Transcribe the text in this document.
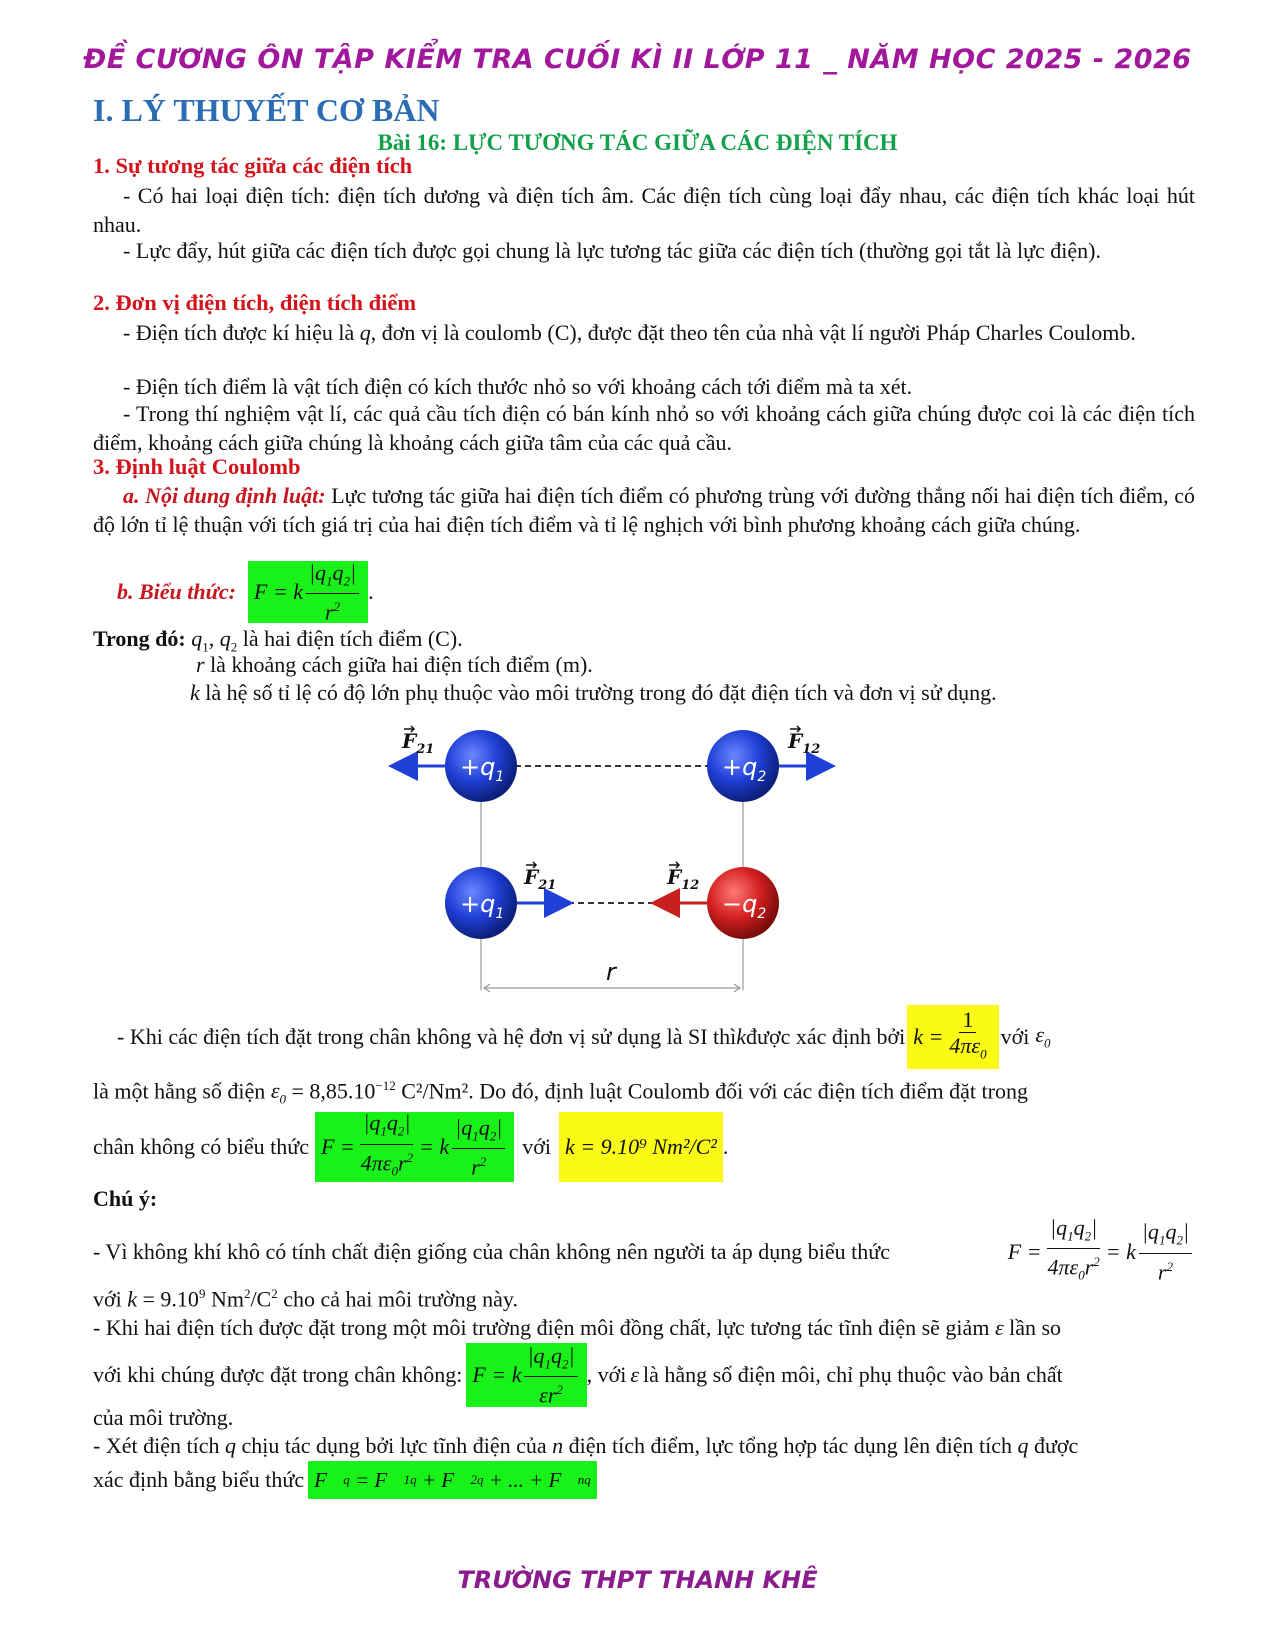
ĐỀ CƯƠNG ÔN TẬP KIỂM TRA CUỐI KÌ II LỚP 11 _ NĂM HỌC 2025 - 2026
I. LÝ THUYẾT CƠ BẢN
Bài 16: LỰC TƯƠNG TÁC GIỮA CÁC ĐIỆN TÍCH
1. Sự tương tác giữa các điện tích
- Có hai loại điện tích: điện tích dương và điện tích âm. Các điện tích cùng loại đẩy nhau, các điện tích khác loại hút nhau.
- Lực đẩy, hút giữa các điện tích được gọi chung là lực tương tác giữa các điện tích (thường gọi tắt là lực điện).
2. Đơn vị điện tích, điện tích điểm
- Điện tích được kí hiệu là q, đơn vị là coulomb (C), được đặt theo tên của nhà vật lí người Pháp Charles Coulomb.
- Điện tích điểm là vật tích điện có kích thước nhỏ so với khoảng cách tới điểm mà ta xét.
- Trong thí nghiệm vật lí, các quả cầu tích điện có bán kính nhỏ so với khoảng cách giữa chúng được coi là các điện tích điểm, khoảng cách giữa chúng là khoảng cách giữa tâm của các quả cầu.
3. Định luật Coulomb
a. Nội dung định luật: Lực tương tác giữa hai điện tích điểm có phương trùng với đường thẳng nối hai điện tích điểm, có độ lớn tỉ lệ thuận với tích giá trị của hai điện tích điểm và tỉ lệ nghịch với bình phương khoảng cách giữa chúng.
b. Biểu thức: F = k $\frac{|q_1q_2|}{r^2}$ .
Trong đó: $q_1$, $q_2$ là hai điện tích điểm (C).
r là khoảng cách giữa hai điện tích điểm (m).
k là hệ số tỉ lệ có độ lớn phụ thuộc vào môi trường trong đó đặt điện tích và đơn vị sử dụng.
$+q_1$	$+q_2$
$F_{21}$	$F_{12}$
$+q_1$	$-q_2$
$F_{21}$	$F_{12}$
r
- Khi các điện tích đặt trong chân không và hệ đơn vị sử dụng là SI thì k được xác định bởi $k = \frac{1}{4\pi\varepsilon_0}$ với $\varepsilon_0$
là một hằng số điện $\varepsilon_0 = 8,85.10^{-12}$ C²/Nm². Do đó, định luật Coulomb đối với các điện tích điểm đặt trong
chân không có biểu thức $F = \frac{|q_1q_2|}{4\pi\varepsilon_0r^2} = k \frac{|q_1q_2|}{r^2}$ với k = 9.10⁹ Nm²/C² .
Chú ý:
- Vì không khí khô có tính chất điện giống của chân không nên người ta áp dụng biểu thức	$F = \frac{|q_1q_2|}{4\pi\varepsilon_0r^2} = k \frac{|q_1q_2|}{r^2}$
với $k = 9.10^9$ $Nm^2/C^2$ cho cả hai môi trường này.
- Khi hai điện tích được đặt trong một môi trường điện môi đồng chất, lực tương tác tĩnh điện sẽ giảm ε lần so
với khi chúng được đặt trong chân không: F = k $\frac{|q_1q_2|}{\varepsilon r^2}$ , với ε là hằng số điện môi, chỉ phụ thuộc vào bản chất
của môi trường.
- Xét điện tích q chịu tác dụng bởi lực tĩnh điện của n điện tích điểm, lực tổng hợp tác dụng lên điện tích q được
xác định bằng biểu thức F⃗ q = F⃗ 1q + F⃗ 2q + ... + F⃗ nq
TRƯỜNG THPT THANH KHÊ
